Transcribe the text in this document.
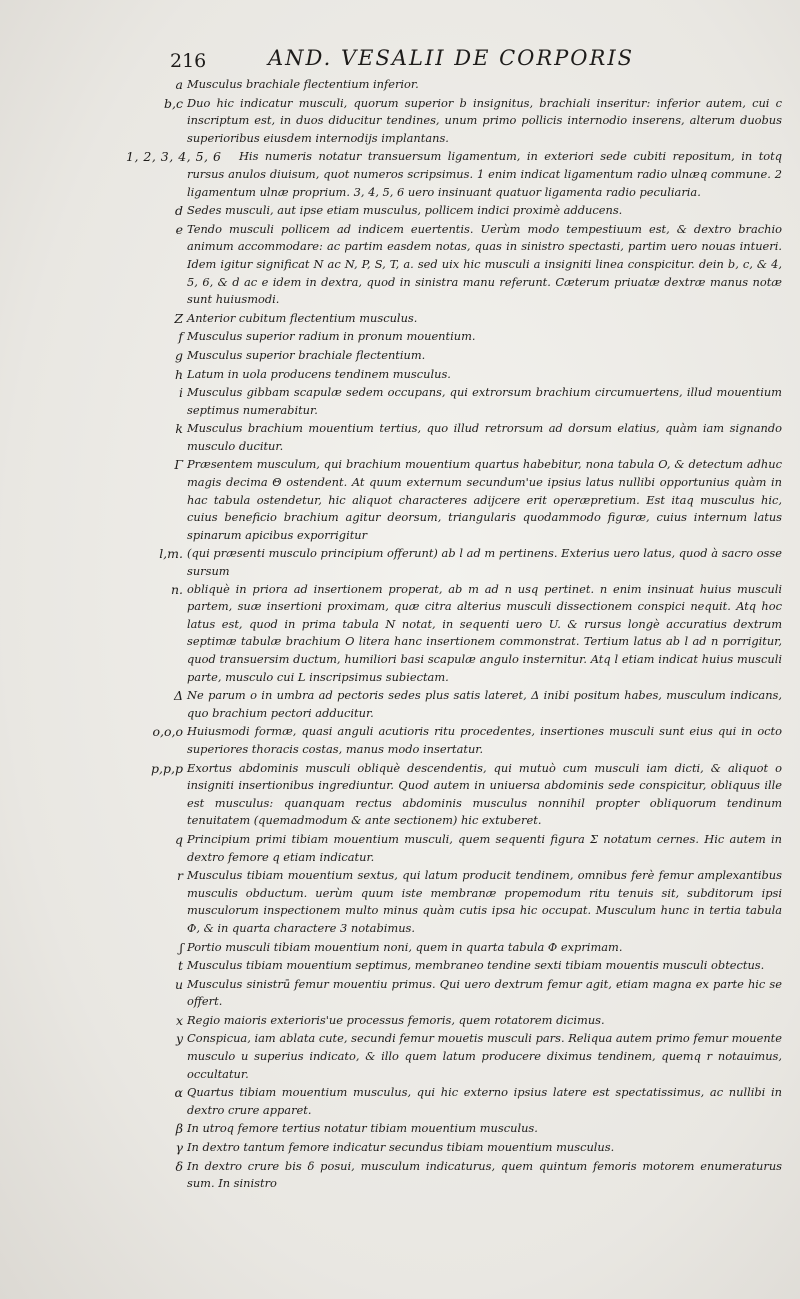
216	AND. VESALII DE CORPORIS
a Musculus brachiale flectentium inferior.
b,c Duo hic indicatur musculi, quorum superior b insignitus, brachiali inseritur: inferior autem, cui c inscriptum est, in duos diducitur tendines, unum primo pollicis internodio inserens, alterum duobus superioribus eiusdem internodijs implantans.
1, 2, 3, 4, 5, 6	His numeris notatur transuersum ligamentum, in exteriori sede cubiti repositum, in totq rursus anulos diuisum, quot numeros scripsimus. 1 enim indicat ligamentum radio ulnæq commune. 2 ligamentum ulnæ proprium. 3, 4, 5, 6 uero insinuant quatuor ligamenta radio peculiaria.
d Sedes musculi, aut ipse etiam musculus, pollicem indici proximè adducens.
e Tendo musculi pollicem ad indicem euertentis. Uerùm modo tempestiuum est, & dextro brachio animum accommodare: ac partim easdem notas, quas in sinistro spectasti, partim uero nouas intueri. Idem igitur significat N ac N, P, S, T, a. sed uix hic musculi a insigniti linea conspicitur. dein b, c, & 4, 5, 6, & d ac e idem in dextra, quod in sinistra manu referunt. Cæterum priuatæ dextræ manus notæ sunt huiusmodi.
Z Anterior cubitum flectentium musculus.
f Musculus superior radium in pronum mouentium.
g Musculus superior brachiale flectentium.
h Latum in uola producens tendinem musculus.
i Musculus gibbam scapulæ sedem occupans, qui extrorsum brachium circumuertens, illud mouentium septimus numerabitur.
k Musculus brachium mouentium tertius, quo illud retrorsum ad dorsum elatius, quàm iam signando musculo ducitur.
Γ Præsentem musculum, qui brachium mouentium quartus habebitur, nona tabula O, & detectum adhuc magis decima Θ ostendent. At quum externum secundum'ue ipsius latus nullibi opportunius quàm in hac tabula ostendetur, hic aliquot characteres adijcere erit operæpretium. Est itaq musculus hic, cuius beneficio brachium agitur deorsum, triangularis quodammodo figuræ, cuius internum latus spinarum apicibus exporrigitur
l,m. (qui præsenti musculo principium offerunt) ab l ad m pertinens. Exterius uero latus, quod à sacro osse sursum
n. obliquè in priora ad insertionem properat, ab m ad n usq pertinet. n enim insinuat huius musculi partem, suæ insertioni proximam, quæ citra alterius musculi dissectionem conspici nequit. Atq hoc latus est, quod in prima tabula N notat, in sequenti uero U. & rursus longè accuratius dextrum septimæ tabulæ brachium O litera hanc insertionem commonstrat. Tertium latus ab l ad n porrigitur, quod transuersim ductum, humiliori basi scapulæ angulo insternitur. Atq l etiam indicat huius musculi parte, musculo cui L inscripsimus subiectam.
Δ Ne parum o in umbra ad pectoris sedes plus satis lateret, Δ inibi positum habes, musculum indicans, quo brachium pectori adducitur.
o,o,o Huiusmodi formæ, quasi anguli acutioris ritu procedentes, insertiones musculi sunt eius qui in octo superiores thoracis costas, manus modo insertatur.
p,p,p Exortus abdominis musculi obliquè descendentis, qui mutuò cum musculi iam dicti, & aliquot o insigniti insertionibus ingrediuntur. Quod autem in uniuersa abdominis sede conspicitur, obliquus ille est musculus: quanquam rectus abdominis musculus nonnihil propter obliquorum tendinum tenuitatem (quemadmodum & ante sectionem) hic extuberet.
q Principium primi tibiam mouentium musculi, quem sequenti figura Σ notatum cernes. Hic autem in dextro femore q etiam indicatur.
r Musculus tibiam mouentium sextus, qui latum producit tendinem, omnibus ferè femur amplexantibus musculis obductum. uerùm quum iste membranæ propemodum ritu tenuis sit, subditorum ipsi musculorum inspectionem multo minus quàm cutis ipsa hic occupat. Musculum hunc in tertia tabula Φ, & in quarta charactere 3 notabimus.
ʃ Portio musculi tibiam mouentium noni, quem in quarta tabula Φ exprimam.
t Musculus tibiam mouentium septimus, membraneo tendine sexti tibiam mouentis musculi obtectus.
u Musculus sinistrū femur mouentiu primus. Qui uero dextrum femur agit, etiam magna ex parte hic se offert.
x Regio maioris exterioris'ue processus femoris, quem rotatorem dicimus.
y Conspicua, iam ablata cute, secundi femur mouetis musculi pars. Reliqua autem primo femur mouente musculo u superius indicato, & illo quem latum producere diximus tendinem, quemq r notauimus, occultatur.
α Quartus tibiam mouentium musculus, qui hic externo ipsius latere est spectatissimus, ac nullibi in dextro crure apparet.
β In utroq femore tertius notatur tibiam mouentium musculus.
γ In dextro tantum femore indicatur secundus tibiam mouentium musculus.
δ In dextro crure bis δ posui, musculum indicaturus, quem quintum femoris motorem enumeraturus sum. In sinistro
